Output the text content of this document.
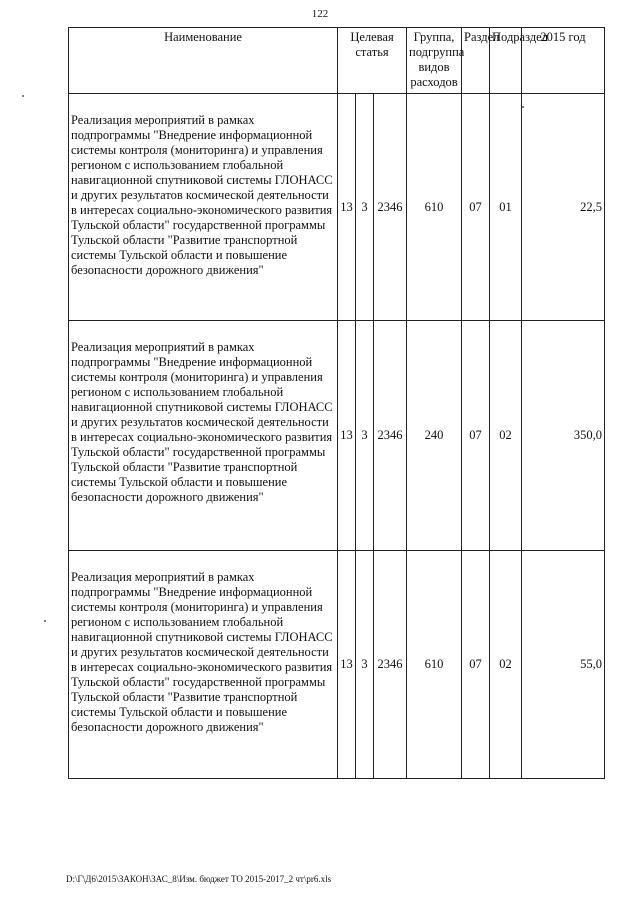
122
Наименование	Целевая статья			Группа, подгруппа видов расходов	Раздел	Подраздел	2015 год

Реализация мероприятий в рамках подпрограммы "Внедрение информационной системы контроля (мониторинга) и управления регионом с использованием глобальной навигационной спутниковой системы ГЛОНАСС и других результатов космической деятельности в интересах социально-экономического развития Тульской области" государственной программы Тульской области "Развитие транспортной системы Тульской области и повышение безопасности дорожного движения"	13	3	2346	610	07	01	22,5

Реализация мероприятий в рамках подпрограммы "Внедрение информационной системы контроля (мониторинга) и управления регионом с использованием глобальной навигационной спутниковой системы ГЛОНАСС и других результатов космической деятельности в интересах социально-экономического развития Тульской области" государственной программы Тульской области "Развитие транспортной системы Тульской области и повышение безопасности дорожного движения"	13	3	2346	240	07	02	350,0

Реализация мероприятий в рамках подпрограммы "Внедрение информационной системы контроля (мониторинга) и управления регионом с использованием глобальной навигационной спутниковой системы ГЛОНАСС и других результатов космической деятельности в интересах социально-экономического развития Тульской области" государственной программы Тульской области "Развитие транспортной системы Тульской области и повышение безопасности дорожного движения"	13	3	2346	610	07	02	55,0
D:\Г\Д6\2015\ЗАКОН\ЗАС_8\Изм. бюджет ТО 2015-2017_2 чт\pr6.xls
